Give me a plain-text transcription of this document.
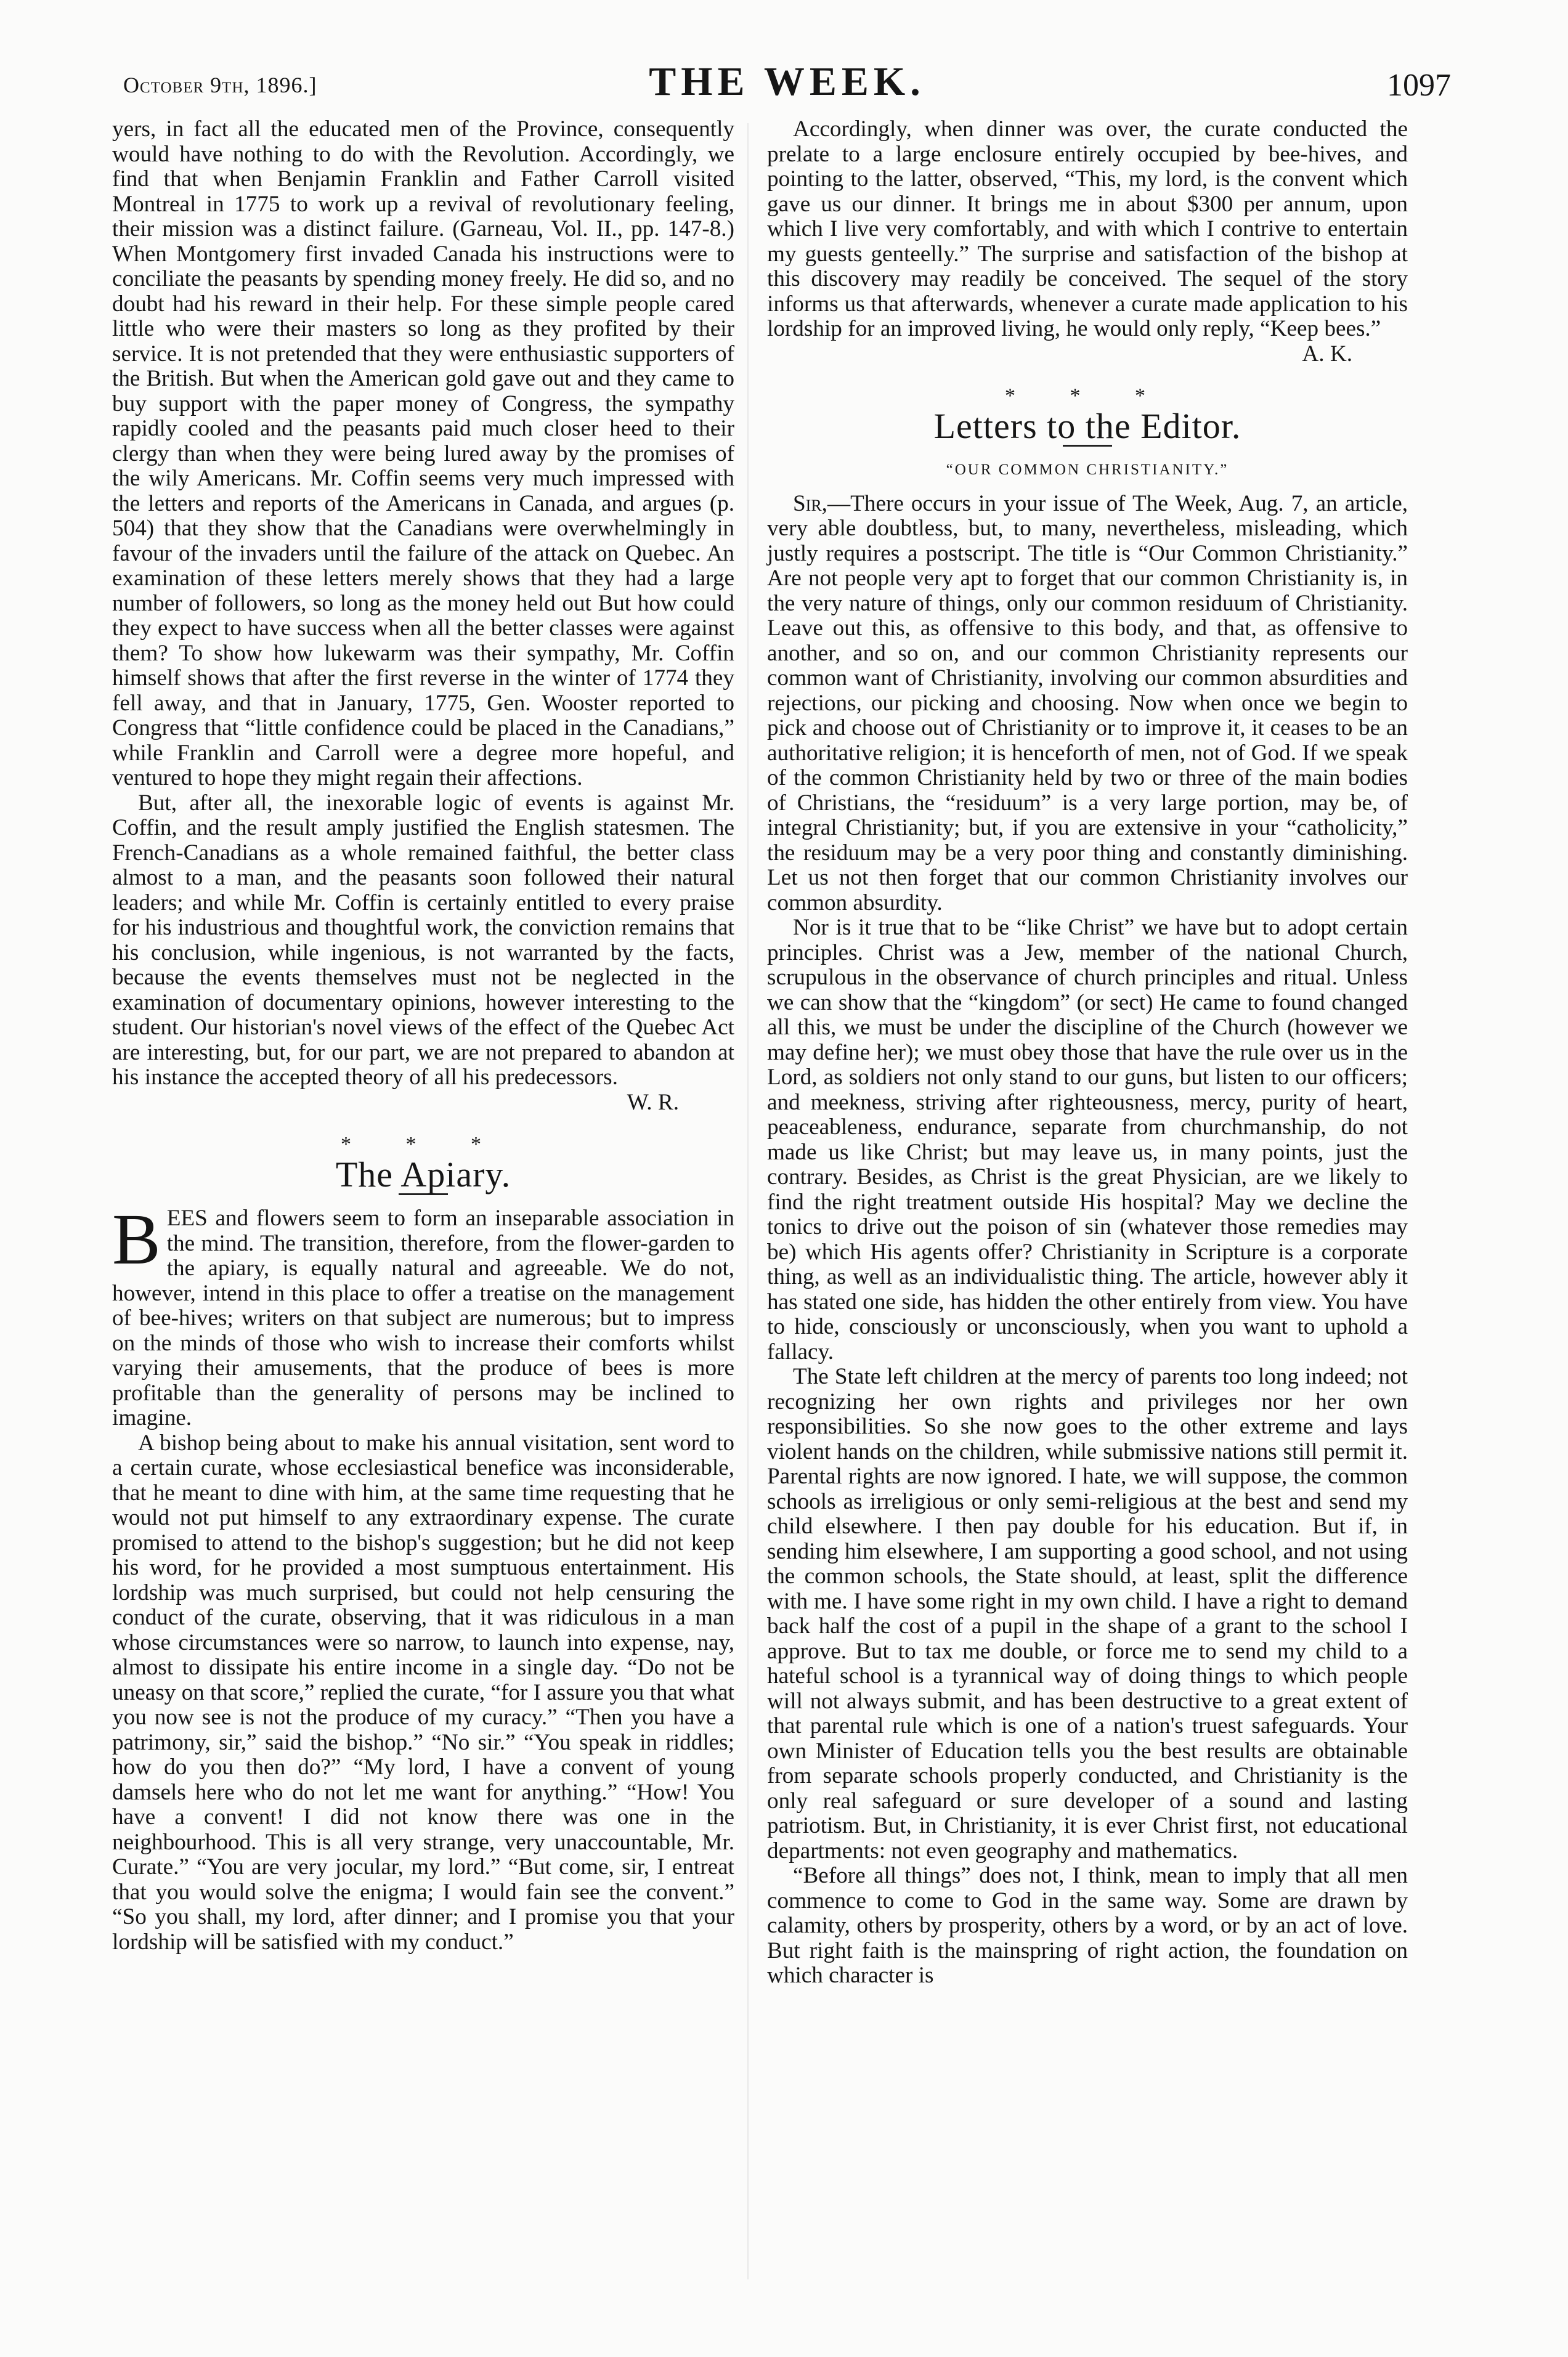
October 9th, 1896.]	THE WEEK.	1097

yers, in fact all the educated men of the Province, consequently would have nothing to do with the Revolution. Accordingly, we find that when Benjamin Franklin and Father Carroll visited Montreal in 1775 to work up a revival of revolutionary feeling, their mission was a distinct failure. (Garneau, Vol. II., pp. 147-8.) When Montgomery first invaded Canada his instructions were to conciliate the peasants by spending money freely. He did so, and no doubt had his reward in their help. For these simple people cared little who were their masters so long as they profited by their service. It is not pretended that they were enthusiastic supporters of the British. But when the American gold gave out and they came to buy support with the paper money of Congress, the sympathy rapidly cooled and the peasants paid much closer heed to their clergy than when they were being lured away by the promises of the wily Americans. Mr. Coffin seems very much impressed with the letters and reports of the Americans in Canada, and argues (p. 504) that they show that the Canadians were overwhelmingly in favour of the invaders until the failure of the attack on Quebec. An examination of these letters merely shows that they had a large number of followers, so long as the money held out But how could they expect to have success when all the better classes were against them? To show how lukewarm was their sympathy, Mr. Coffin himself shows that after the first reverse in the winter of 1774 they fell away, and that in January, 1775, Gen. Wooster reported to Congress that “little confidence could be placed in the Canadians,” while Franklin and Carroll were a degree more hopeful, and ventured to hope they might regain their affections.

But, after all, the inexorable logic of events is against Mr. Coffin, and the result amply justified the English statesmen. The French-Canadians as a whole remained faithful, the better class almost to a man, and the peasants soon followed their natural leaders; and while Mr. Coffin is certainly entitled to every praise for his industrious and thoughtful work, the conviction remains that his conclusion, while ingenious, is not warranted by the facts, because the events themselves must not be neglected in the examination of documentary opinions, however interesting to the student. Our historian's novel views of the effect of the Quebec Act are interesting, but, for our part, we are not prepared to abandon at his instance the accepted theory of all his predecessors.

W. R.

* * *
The Apiary.

BEES and flowers seem to form an inseparable association in the mind. The transition, therefore, from the flower-garden to the apiary, is equally natural and agreeable. We do not, however, intend in this place to offer a treatise on the management of bee-hives; writers on that subject are numerous; but to impress on the minds of those who wish to increase their comforts whilst varying their amusements, that the produce of bees is more profitable than the generality of persons may be inclined to imagine.

A bishop being about to make his annual visitation, sent word to a certain curate, whose ecclesiastical benefice was inconsiderable, that he meant to dine with him, at the same time requesting that he would not put himself to any extraordinary expense. The curate promised to attend to the bishop's suggestion; but he did not keep his word, for he provided a most sumptuous entertainment. His lordship was much surprised, but could not help censuring the conduct of the curate, observing, that it was ridiculous in a man whose circumstances were so narrow, to launch into expense, nay, almost to dissipate his entire income in a single day. “Do not be uneasy on that score,” replied the curate, “for I assure you that what you now see is not the produce of my curacy.” “Then you have a patrimony, sir,” said the bishop.” “No sir.” “You speak in riddles; how do you then do?” “My lord, I have a convent of young damsels here who do not let me want for anything.” “How! You have a convent! I did not know there was one in the neighbourhood. This is all very strange, very unaccountable, Mr. Curate.” “You are very jocular, my lord.” “But come, sir, I entreat that you would solve the enigma; I would fain see the convent.” “So you shall, my lord, after dinner; and I promise you that your lordship will be satisfied with my conduct.”

Accordingly, when dinner was over, the curate conducted the prelate to a large enclosure entirely occupied by bee-hives, and pointing to the latter, observed, “This, my lord, is the convent which gave us our dinner. It brings me in about $300 per annum, upon which I live very comfortably, and with which I contrive to entertain my guests genteelly.” The surprise and satisfaction of the bishop at this discovery may readily be conceived. The sequel of the story informs us that afterwards, whenever a curate made application to his lordship for an improved living, he would only reply, “Keep bees.”

A. K.

* * *
Letters to the Editor.
“OUR COMMON CHRISTIANITY.”

Sir,—There occurs in your issue of The Week, Aug. 7, an article, very able doubtless, but, to many, nevertheless, misleading, which justly requires a postscript. The title is “Our Common Christianity.” Are not people very apt to forget that our common Christianity is, in the very nature of things, only our common residuum of Christianity. Leave out this, as offensive to this body, and that, as offensive to another, and so on, and our common Christianity represents our common want of Christianity, involving our common absurdities and rejections, our picking and choosing. Now when once we begin to pick and choose out of Christianity or to improve it, it ceases to be an authoritative religion; it is henceforth of men, not of God. If we speak of the common Christianity held by two or three of the main bodies of Christians, the “residuum” is a very large portion, may be, of integral Christianity; but, if you are extensive in your “catholicity,” the residuum may be a very poor thing and constantly diminishing. Let us not then forget that our common Christianity involves our common absurdity.

Nor is it true that to be “like Christ” we have but to adopt certain principles. Christ was a Jew, member of the national Church, scrupulous in the observance of church principles and ritual. Unless we can show that the “kingdom” (or sect) He came to found changed all this, we must be under the discipline of the Church (however we may define her); we must obey those that have the rule over us in the Lord, as soldiers not only stand to our guns, but listen to our officers; and meekness, striving after righteousness, mercy, purity of heart, peaceableness, endurance, separate from churchmanship, do not made us like Christ; but may leave us, in many points, just the contrary. Besides, as Christ is the great Physician, are we likely to find the right treatment outside His hospital? May we decline the tonics to drive out the poison of sin (whatever those remedies may be) which His agents offer? Christianity in Scripture is a corporate thing, as well as an individualistic thing. The article, however ably it has stated one side, has hidden the other entirely from view. You have to hide, consciously or unconsciously, when you want to uphold a fallacy.

The State left children at the mercy of parents too long indeed; not recognizing her own rights and privileges nor her own responsibilities. So she now goes to the other extreme and lays violent hands on the children, while submissive nations still permit it. Parental rights are now ignored. I hate, we will suppose, the common schools as irreligious or only semi-religious at the best and send my child elsewhere. I then pay double for his education. But if, in sending him elsewhere, I am supporting a good school, and not using the common schools, the State should, at least, split the difference with me. I have some right in my own child. I have a right to demand back half the cost of a pupil in the shape of a grant to the school I approve. But to tax me double, or force me to send my child to a hateful school is a tyrannical way of doing things to which people will not always submit, and has been destructive to a great extent of that parental rule which is one of a nation's truest safeguards. Your own Minister of Education tells you the best results are obtainable from separate schools properly conducted, and Christianity is the only real safeguard or sure developer of a sound and lasting patriotism. But, in Christianity, it is ever Christ first, not educational departments: not even geography and mathematics.

“Before all things” does not, I think, mean to imply that all men commence to come to God in the same way. Some are drawn by calamity, others by prosperity, others by a word, or by an act of love. But right faith is the mainspring of right action, the foundation on which character is
